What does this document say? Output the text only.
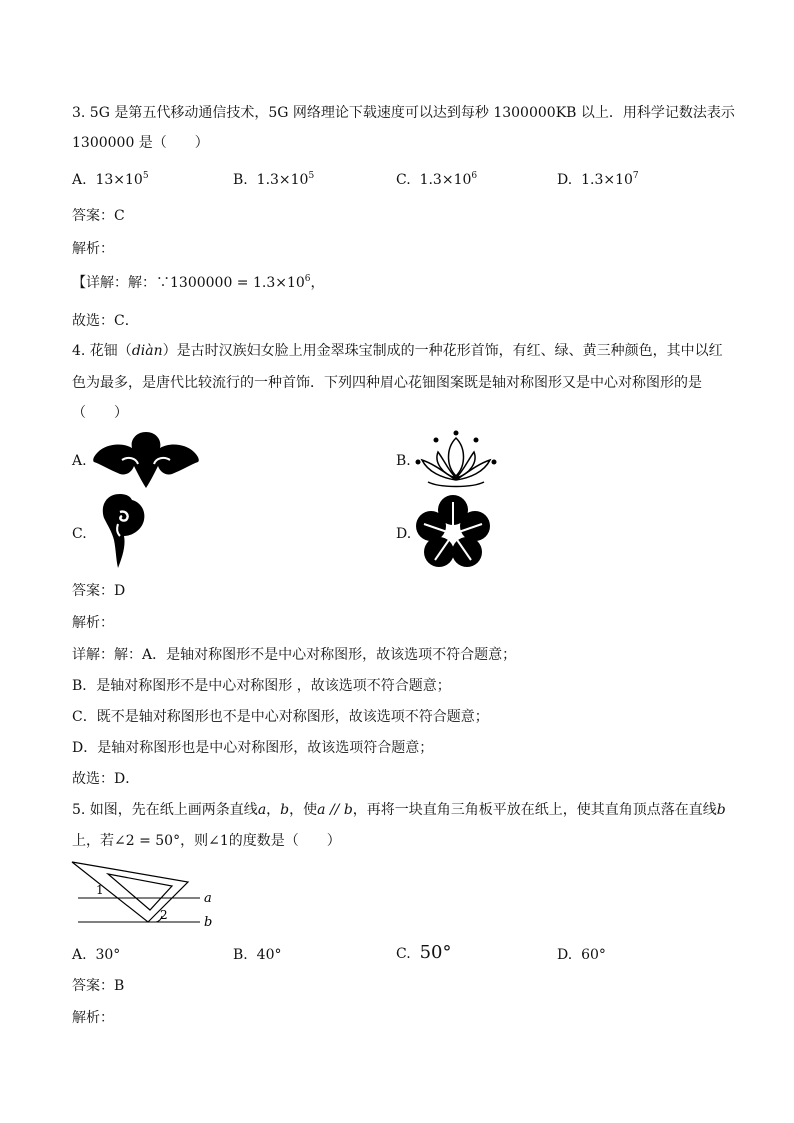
3. 5G 是第五代移动通信技术，5G 网络理论下载速度可以达到每秒 1300000KB 以上．用科学记数法表示
1300000 是（　　）
A. $13\times 10^5$	B. $1.3\times 10^5$	C. $1.3\times 10^6$	D. $1.3\times 10^7$
答案：C
解析：
【详解：解：∵1300000 = $1.3\times 10^6$，
故选：C．
4. 花钿（diàn）是古时汉族妇女脸上用金翠珠宝制成的一种花形首饰，有红、绿、黄三种颜色，其中以红
色为最多，是唐代比较流行的一种首饰．下列四种眉心花钿图案既是轴对称图形又是中心对称图形的是
（　　）
A.	B.
C.	D.
答案：D
解析：
详解：解：A．是轴对称图形不是中心对称图形，故该选项不符合题意；
B．是轴对称图形不是中心对称图形 ，故该选项不符合题意；
C．既不是轴对称图形也不是中心对称图形，故该选项不符合题意；
D．是轴对称图形也是中心对称图形，故该选项符合题意；
故选：D．
5. 如图，先在纸上画两条直线a，b，使a // b，再将一块直角三角板平放在纸上，使其直角顶点落在直线b
上，若∠2 = 50°，则∠1的度数是（　　）
1
2
a
b
A. 30°	B. 40°	C. 50°	D. 60°
答案：B
解析：
